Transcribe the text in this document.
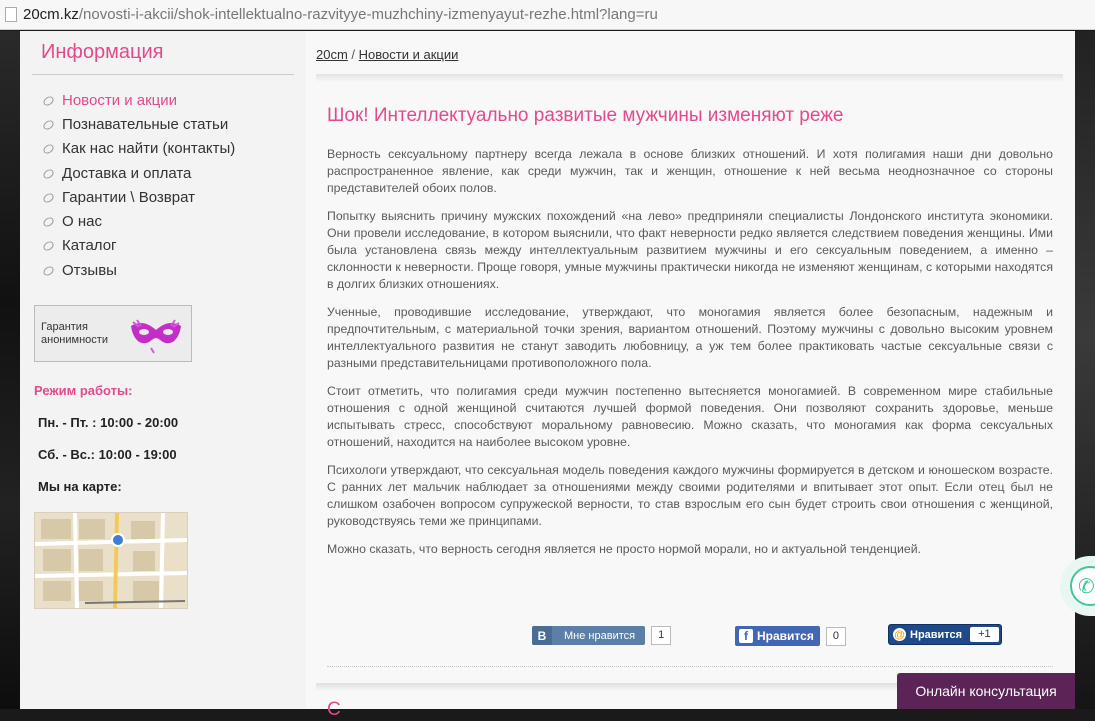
20cm.kz/novosti-i-akcii/shok-intellektualno-razvityye-muzhchiny-izmenyayut-rezhe.html?lang=ru
Информация
Новости и акции
Познавательные статьи
Как нас найти (контакты)
Доставка и оплата
Гарантии \ Возврат
О нас
Каталог
Отзывы
Гарантия анонимности
Режим работы:
Пн. - Пт. : 10:00 - 20:00
Сб. - Вс.: 10:00 - 19:00
Мы на карте:
20cm / Новости и акции
Шок! Интеллектуально развитые мужчины изменяют реже

Верность сексуальному партнеру всегда лежала в основе близких отношений. И хотя полигамия наши дни довольно распространенное явление, как среди мужчин, так и женщин, отношение к ней весьма неоднозначное со стороны представителей обоих полов.

Попытку выяснить причину мужских похождений «на лево» предприняли специалисты Лондонского института экономики. Они провели исследование, в котором выяснили, что факт неверности редко является следствием поведения женщины. Ими была установлена связь между интеллектуальным развитием мужчины и его сексуальным поведением, а именно – склонности к неверности. Проще говоря, умные мужчины практически никогда не изменяют женщинам, с которыми находятся в долгих близких отношениях.

Ученные, проводившие исследование, утверждают, что моногамия является более безопасным, надежным и предпочтительным, с материальной точки зрения, вариантом отношений. Поэтому мужчины с довольно высоким уровнем интеллектуального развития не станут заводить любовницу, а уж тем более практиковать частые сексуальные связи с разными представительницами противоположного пола.

Стоит отметить, что полигамия среди мужчин постепенно вытесняется моногамией. В современном мире стабильные отношения с одной женщиной считаются лучшей формой поведения. Они позволяют сохранить здоровье, меньше испытывать стресс, способствуют моральному равновесию. Можно сказать, что моногамия как форма сексуальных отношений, находится на наиболее высоком уровне.

Психологи утверждают, что сексуальная модель поведения каждого мужчины формируется в детском и юношеском возрасте. С ранних лет мальчик наблюдает за отношениями между своими родителями и впитывает этот опыт. Если отец был не слишком озабочен вопросом супружеской верности, то став взрослым его сын будет строить свои отношения с женщиной, руководствуясь теми же принципами.

Можно сказать, что верность сегодня является не просто нормой морали, но и актуальной тенденцией.

В	Мне нравится	1	f Нравится	0	@ Нравится	+1
С
✆
Онлайн консультация
